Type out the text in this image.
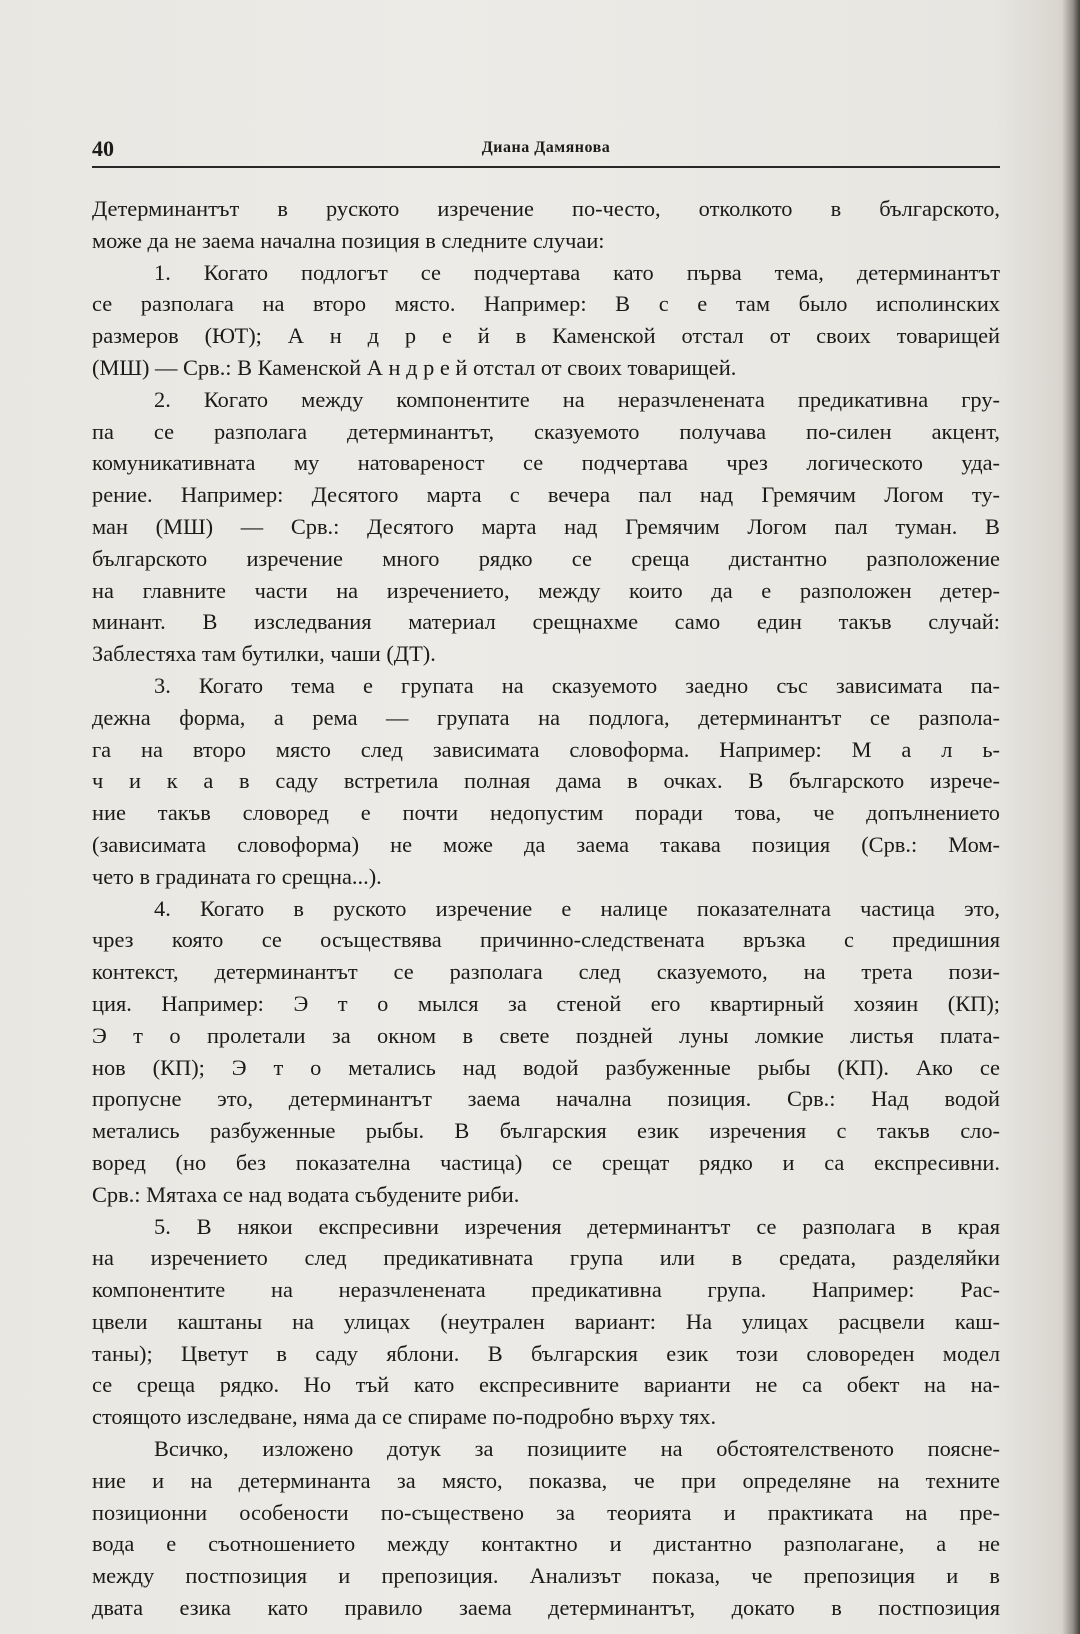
40	Диана Дамянова
Детерминантът в руското изречение по-често, отколкото в българското,
може да не заема начална позиция в следните случаи:
1. Когато подлогът се подчертава като първа тема, детерминантът
се разполага на второ място. Например: В с е там было исполинских
размеров (ЮТ); А н д р е й в Каменской отстал от своих товарищей
(МШ) — Срв.: В Каменской А н д р е й отстал от своих товарищей.
2. Когато между компонентите на неразчленената предикативна гру-
па се разполага детерминантът, сказуемото получава по-силен акцент,
комуникативната му натовареност се подчертава чрез логическото уда-
рение. Например: Десятого марта с вечера пал над Гремячим Логом ту-
ман (МШ) — Срв.: Десятого марта над Гремячим Логом пал туман. В
българското изречение много рядко се среща дистантно разположение
на главните части на изречението, между които да е разположен детер-
минант. В изследвания материал срещнахме само един такъв случай:
Заблестяха там бутилки, чаши (ДТ).
3. Когато тема е групата на сказуемото заедно със зависимата па-
дежна форма, а рема — групата на подлога, детерминантът се разпола-
га на второ място след зависимата словоформа. Например: М а л ь-
ч и к а в саду встретила полная дама в очках. В българското изрече-
ние такъв словоред е почти недопустим поради това, че допълнението
(зависимата словоформа) не може да заема такава позиция (Срв.: Мом-
чето в градината го срещна...).
4. Когато в руското изречение е налице показателната частица это,
чрез която се осъществява причинно-следствената връзка с предишния
контекст, детерминантът се разполага след сказуемото, на трета пози-
ция. Например: Э т о мылся за стеной его квартирный хозяин (КП);
Э т о пролетали за окном в свете поздней луны ломкие листья плата-
нов (КП); Э т о метались над водой разбуженные рыбы (КП). Ако се
пропусне это, детерминантът заема начална позиция. Срв.: Над водой
метались разбуженные рыбы. В българския език изречения с такъв сло-
воред (но без показателна частица) се срещат рядко и са експресивни.
Срв.: Мятаха се над водата събудените риби.
5. В някои експресивни изречения детерминантът се разполага в края
на изречението след предикативната група или в средата, разделяйки
компонентите на неразчленената предикативна група. Например: Рас-
цвели каштаны на улицах (неутрален вариант: На улицах расцвели каш-
таны); Цветут в саду яблони. В българския език този словореден модел
се среща рядко. Но тъй като експресивните варианти не са обект на на-
стоящото изследване, няма да се спираме по-подробно върху тях.
Всичко, изложено дотук за позициите на обстоятелственото поясне-
ние и на детерминанта за място, показва, че при определяне на техните
позиционни особености по-съществено за теорията и практиката на пре-
вода е съотношението между контактно и дистантно разполагане, а не
между постпозиция и препозиция. Анализът показа, че препозиция и в
двата езика като правило заема детерминантът, докато в постпозиция
